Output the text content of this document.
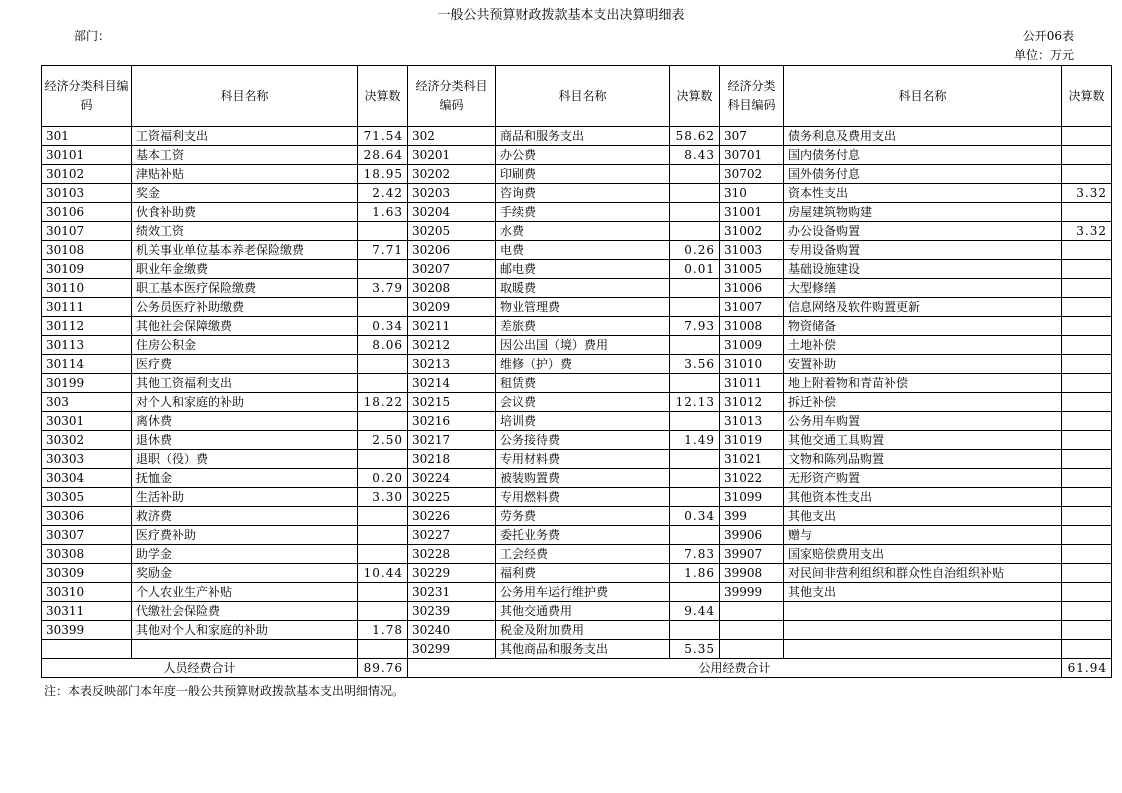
一般公共预算财政拨款基本支出决算明细表
部门：	公开06表
单位：万元
经济分类科目编码	科目名称	决算数	经济分类科目编码	科目名称	决算数	经济分类科目编码	科目名称	决算数
301	工资福利支出	71.54	302	商品和服务支出	58.62	307	债务利息及费用支出	
30101	基本工资	28.64	30201	办公费	8.43	30701	国内债务付息	
30102	津贴补贴	18.95	30202	印刷费		30702	国外债务付息	
30103	奖金	2.42	30203	咨询费		310	资本性支出	3.32
30106	伙食补助费	1.63	30204	手续费		31001	房屋建筑物购建	
30107	绩效工资		30205	水费		31002	办公设备购置	3.32
30108	机关事业单位基本养老保险缴费	7.71	30206	电费	0.26	31003	专用设备购置	
30109	职业年金缴费		30207	邮电费	0.01	31005	基础设施建设	
30110	职工基本医疗保险缴费	3.79	30208	取暖费		31006	大型修缮	
30111	公务员医疗补助缴费		30209	物业管理费		31007	信息网络及软件购置更新	
30112	其他社会保障缴费	0.34	30211	差旅费	7.93	31008	物资储备	
30113	住房公积金	8.06	30212	因公出国（境）费用		31009	土地补偿	
30114	医疗费		30213	维修（护）费	3.56	31010	安置补助	
30199	其他工资福利支出		30214	租赁费		31011	地上附着物和青苗补偿	
303	对个人和家庭的补助	18.22	30215	会议费	12.13	31012	拆迁补偿	
30301	离休费		30216	培训费		31013	公务用车购置	
30302	退休费	2.50	30217	公务接待费	1.49	31019	其他交通工具购置	
30303	退职（役）费		30218	专用材料费		31021	文物和陈列品购置	
30304	抚恤金	0.20	30224	被装购置费		31022	无形资产购置	
30305	生活补助	3.30	30225	专用燃料费		31099	其他资本性支出	
30306	救济费		30226	劳务费	0.34	399	其他支出	
30307	医疗费补助		30227	委托业务费		39906	赠与	
30308	助学金		30228	工会经费	7.83	39907	国家赔偿费用支出	
30309	奖励金	10.44	30229	福利费	1.86	39908	对民间非营利组织和群众性自治组织补贴	
30310	个人农业生产补贴		30231	公务用车运行维护费		39999	其他支出	
30311	代缴社会保险费		30239	其他交通费用	9.44			
30399	其他对个人和家庭的补助	1.78	30240	税金及附加费用				
			30299	其他商品和服务支出	5.35			
人员经费合计		89.76	公用经费合计					61.94
注：本表反映部门本年度一般公共预算财政拨款基本支出明细情况。
